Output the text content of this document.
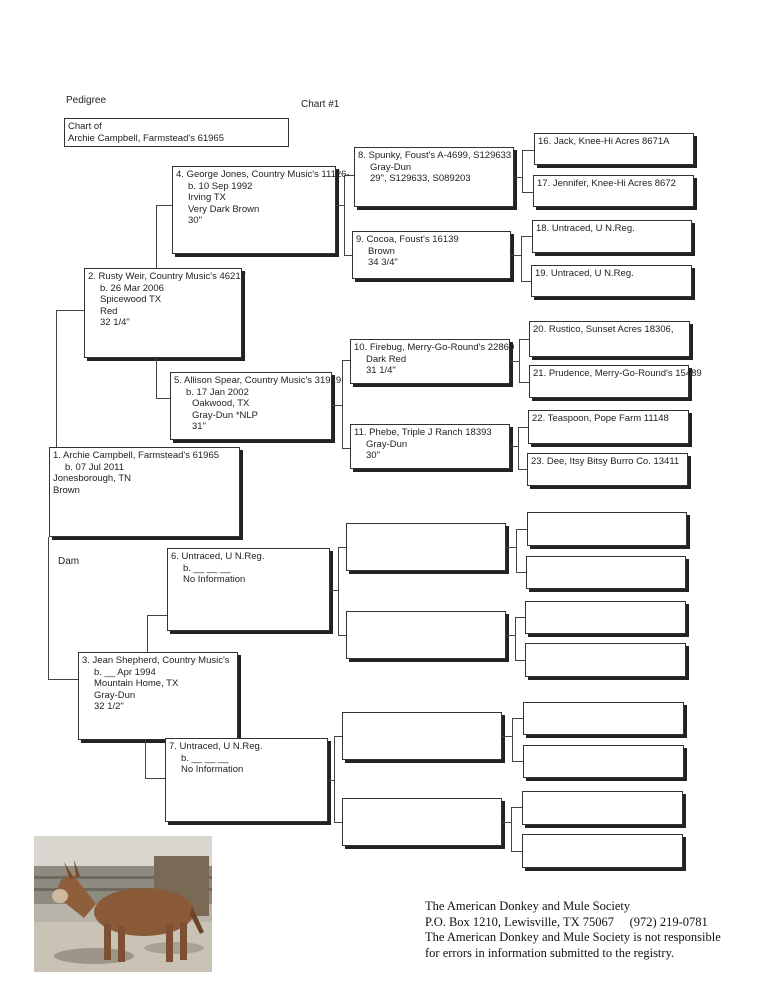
Pedigree	Chart #1
Chart of
Archie Campbell, Farmstead's 61965
1. Archie Campbell, Farmstead's 61965
b. 07 Jul 2011
Jonesborough, TN
Brown
2. Rusty Weir, Country Music's 46217
b. 26 Mar 2006
Spicewood TX
Red
32 1/4"
3. Jean Shepherd, Country Music's
b. __ Apr 1994
Mountain Home, TX
Gray-Dun
32 1/2"
4. George Jones, Country Music's 11126-
b. 10 Sep 1992
Irving TX
Very Dark Brown
30"
5. Allison Spear, Country Music's 31929
b. 17 Jan 2002
Oakwood, TX
Gray-Dun *NLP
31"
6. Untraced, U N.Reg.
b. __ __ __
No Information
7. Untraced, U N.Reg.
b. __ __ __
No Information
8. Spunky, Foust's A-4699, S129633
Gray-Dun
29", S129633, S089203
9. Cocoa, Foust's 16139
Brown
34 3/4"
10. Firebug, Merry-Go-Round's 22860
Dark Red
31 1/4"
11. Phebe, Triple J Ranch 18393
Gray-Dun
30"
16. Jack, Knee-Hi Acres 8671A
17. Jennifer, Knee-Hi Acres 8672
18. Untraced, U N.Reg.
19. Untraced, U N.Reg.
20. Rustico, Sunset Acres 18306,
21. Prudence, Merry-Go-Round's 15489
22. Teaspoon, Pope Farm 11148
23. Dee, Itsy Bitsy Burro Co. 13411
Dam
The American Donkey and Mule Society
P.O. Box 1210, Lewisville, TX 75067     (972) 219-0781
The American Donkey and Mule Society is not responsible
for errors in information submitted to the registry.
